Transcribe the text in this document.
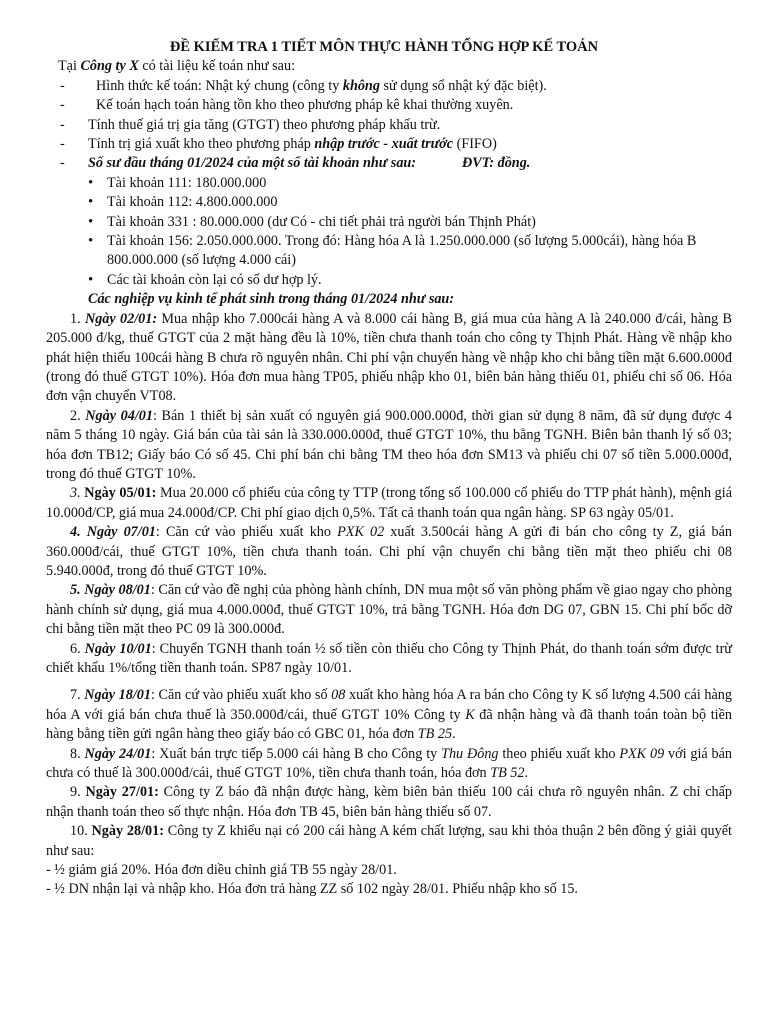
ĐỀ KIỂM TRA 1 TIẾT MÔN THỰC HÀNH TỔNG HỢP KẾ TOÁN
Tại Công ty X có tài liệu kế toán như sau:
-	Hình thức kế toán: Nhật ký chung (công ty không sử dụng sổ nhật ký đặc biệt).
-	Kế toán hạch toán hàng tồn kho theo phương pháp kê khai thường xuyên.
-	Tính thuế giá trị gia tăng (GTGT) theo phương pháp khấu trừ.
-	Tính trị giá xuất kho theo phương pháp nhập trước - xuất trước (FIFO)
-	Số sư đầu tháng 01/2024 của một số tài khoản như sau:	ĐVT: đồng.
• Tài khoản 111: 180.000.000
• Tài khoản 112: 4.800.000.000
• Tài khoản 331 : 80.000.000 (dư Có - chi tiết phải trả người bán Thịnh Phát)
• Tài khoản 156: 2.050.000.000. Trong đó: Hàng hóa A là 1.250.000.000 (số lượng 5.000cái), hàng hóa B 800.000.000 (số lượng 4.000 cái)
• Các tài khoản còn lại có số dư hợp lý.
Các nghiệp vụ kinh tế phát sinh trong tháng 01/2024 như sau:
1. Ngày 02/01: Mua nhập kho 7.000cái hàng A và 8.000 cái hàng B, giá mua của hàng A là 240.000 đ/cái, hàng B 205.000 đ/kg, thuế GTGT của 2 mặt hàng đều là 10%, tiền chưa thanh toán cho công ty Thịnh Phát. Hàng về nhập kho phát hiện thiếu 100cái hàng B chưa rõ nguyên nhân. Chi phí vận chuyển hàng về nhập kho chi bằng tiền mặt 6.600.000đ (trong đó thuế GTGT 10%). Hóa đơn mua hàng TP05, phiếu nhập kho 01, biên bản hàng thiếu 01, phiếu chi số 06. Hóa đơn vận chuyển VT08.
2. Ngày 04/01: Bán 1 thiết bị sản xuất có nguyên giá 900.000.000đ, thời gian sử dụng 8 năm, đã sử dụng được 4 năm 5 tháng 10 ngày. Giá bán của tài sản là 330.000.000đ, thuế GTGT 10%, thu bằng TGNH. Biên bản thanh lý số 03; hóa đơn TB12; Giấy báo Có số 45. Chi phí bán chi bằng TM theo hóa đơn SM13 và phiếu chi 07 số tiền 5.000.000đ, trong đó thuế GTGT 10%.
3. Ngày 05/01: Mua 20.000 cổ phiếu của công ty TTP (trong tổng số 100.000 cổ phiếu do TTP phát hành), mệnh giá 10.000đ/CP, giá mua 24.000đ/CP. Chi phí giao dịch 0,5%. Tất cả thanh toán qua ngân hàng. SP 63 ngày 05/01.
4. Ngày 07/01: Căn cứ vào phiếu xuất kho PXK 02 xuất 3.500cái hàng A gửi đi bán cho công ty Z, giá bán 360.000đ/cái, thuế GTGT 10%, tiền chưa thanh toán. Chi phí vận chuyển chi bằng tiền mặt theo phiếu chi 08 5.940.000đ, trong đó thuế GTGT 10%.
5. Ngày 08/01: Căn cứ vào đề nghị của phòng hành chính, DN mua một số văn phòng phẩm về giao ngay cho phòng hành chính sử dụng, giá mua 4.000.000đ, thuế GTGT 10%, trả bằng TGNH. Hóa đơn DG 07, GBN 15. Chi phí bốc dỡ chi bằng tiền mặt theo PC 09 là 300.000đ.
6. Ngày 10/01: Chuyển TGNH thanh toán ½ số tiền còn thiếu cho Công ty Thịnh Phát, do thanh toán sớm được trừ chiết khấu 1%/tổng tiền thanh toán. SP87 ngày 10/01.
7. Ngày 18/01: Căn cứ vào phiếu xuất kho số 08 xuất kho hàng hóa A ra bán cho Công ty K số lượng 4.500 cái hàng hóa A với giá bán chưa thuế là 350.000đ/cái, thuế GTGT 10% Công ty K đã nhận hàng và đã thanh toán toàn bộ tiền hàng bằng tiền gửi ngân hàng theo giấy báo có GBC 01, hóa đơn TB 25.
8. Ngày 24/01: Xuất bán trực tiếp 5.000 cái hàng B cho Công ty Thu Đông theo phiếu xuất kho PXK 09 với giá bán chưa có thuế là 300.000đ/cái, thuế GTGT 10%, tiền chưa thanh toán, hóa đơn TB 52.
9. Ngày 27/01: Công ty Z báo đã nhận được hàng, kèm biên bản thiếu 100 cái chưa rõ nguyên nhân. Z chỉ chấp nhận thanh toán theo số thực nhận. Hóa đơn TB 45, biên bản hàng thiếu số 07.
10. Ngày 28/01: Công ty Z khiếu nại có 200 cái hàng A kém chất lượng, sau khi thỏa thuận 2 bên đồng ý giải quyết như sau:
- ½ giảm giá 20%. Hóa đơn diều chỉnh giá TB 55 ngày 28/01.
- ½ DN nhận lại và nhập kho. Hóa đơn trả hàng ZZ số 102 ngày 28/01. Phiếu nhập kho số 15.
